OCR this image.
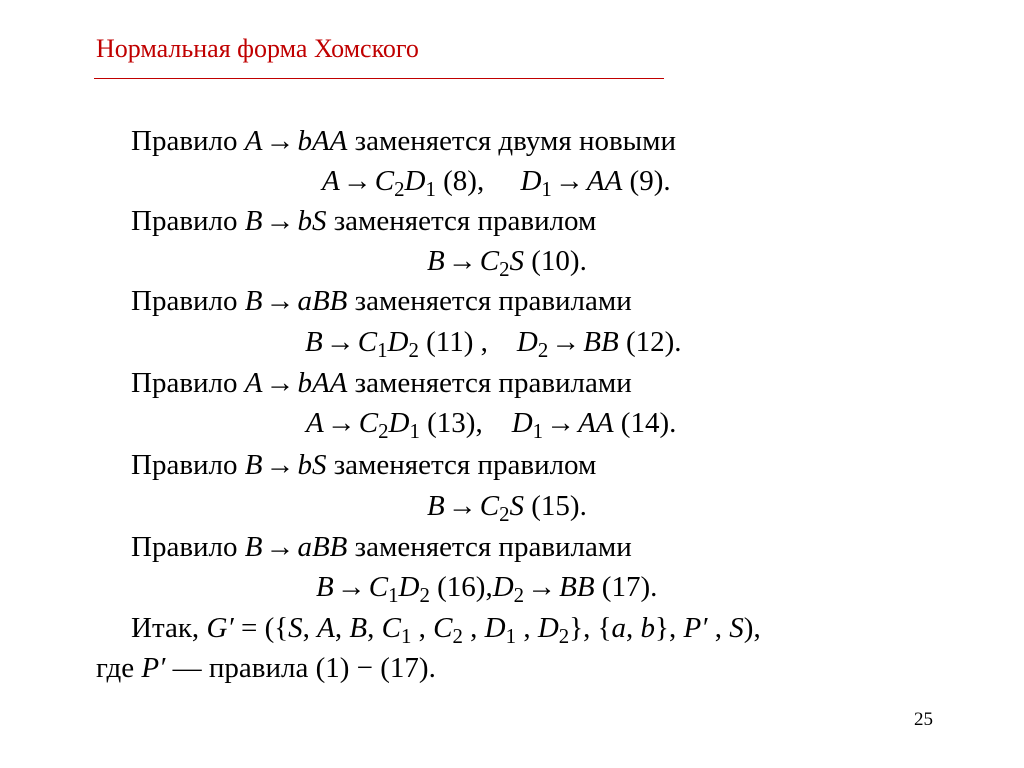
Нормальная форма Хомского
Правило A → bAA заменяется двумя новыми
$A \to C_2D_1$ (8), $D_1$ → AA (9).
Правило B → bS заменяется правилом
$B \to C_2S$ (10).
Правило B → aBB заменяется правилами
$B \to C_1D_2$ (11) , $D_2$ → BB (12).
Правило A → bAA заменяется правилами
$A \to C_2D_1$ (13), $D_1$ → AA (14).
Правило B → bS заменяется правилом
$B \to C_2S$ (15).
Правило B → aBB заменяется правилами
$B \to C_1D_2$ $(16),D_2$ → BB (17).
Итак, G′ = ({S, A, B, $C_1$ , $C_2$ , $D_1$ , $D_2$}, {a, b}, P′ , S),
где P′ — правила (1) − (17).
25
